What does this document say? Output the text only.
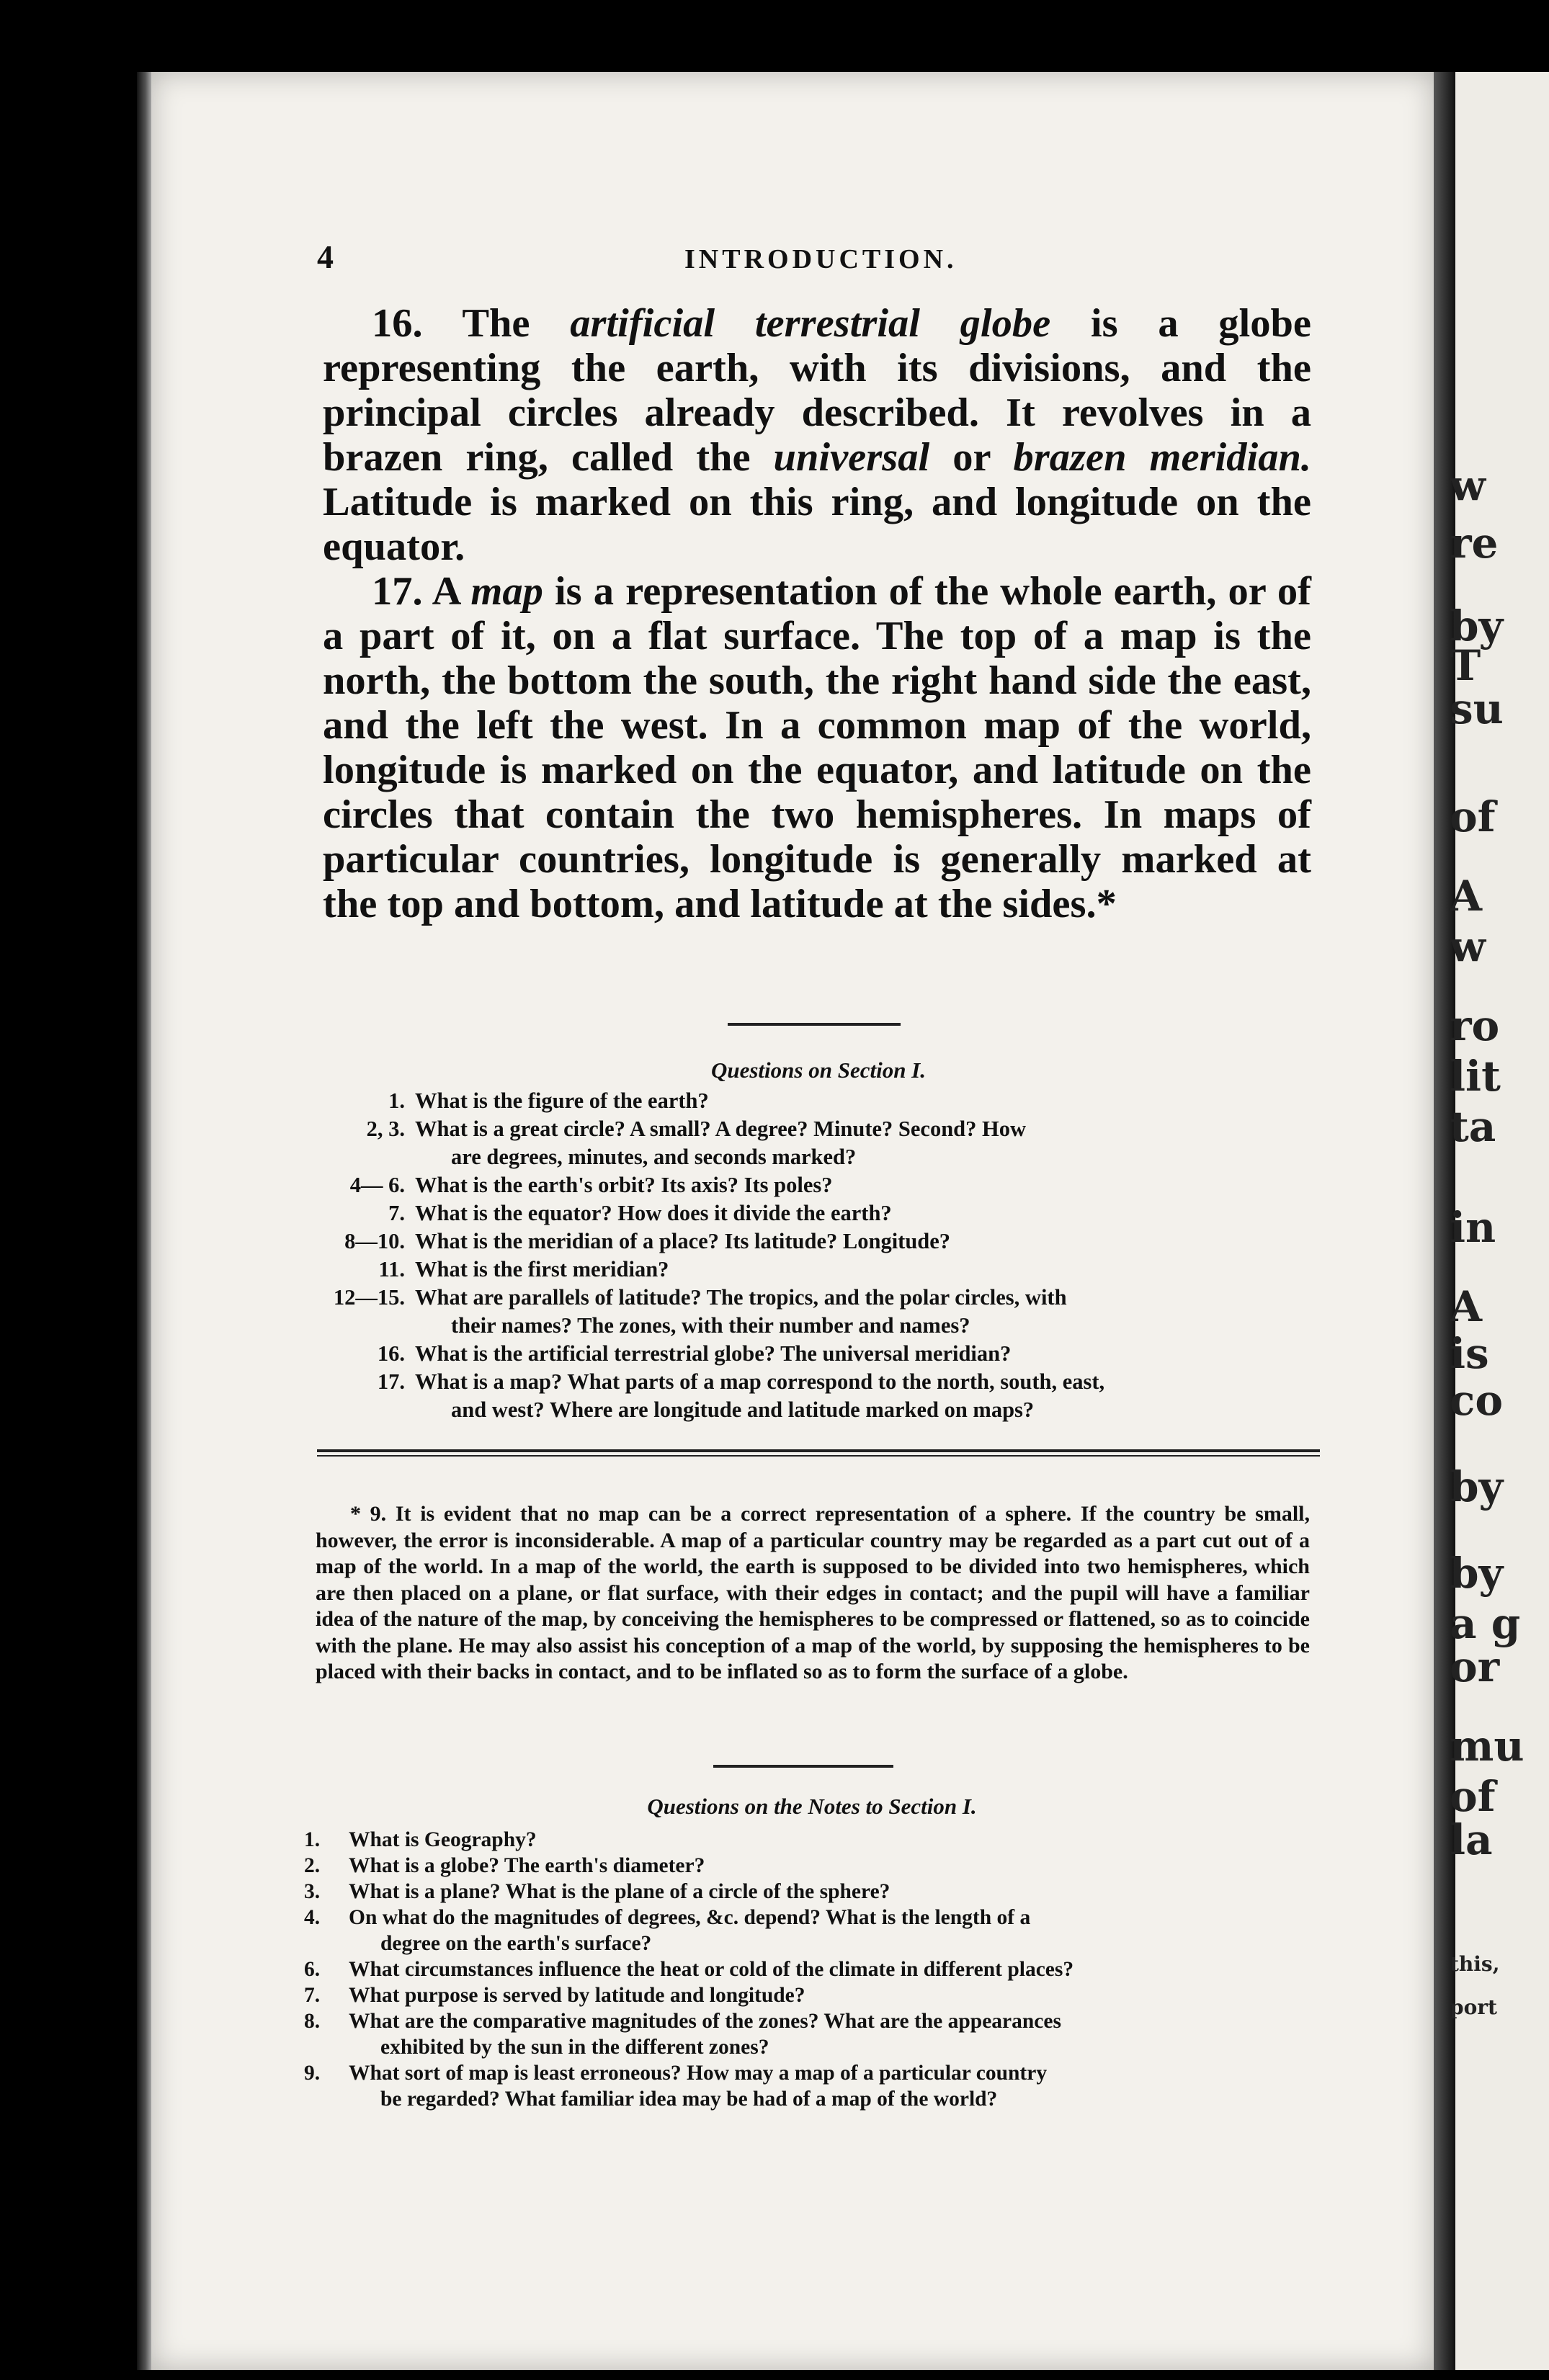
w
re
by
T
su
of
A
w
ro
lit
ta
in
A
is
co
by
by
a g
or
mu
of
la
this,
port
4	INTRODUCTION.

16. The artificial terrestrial globe is a globe representing the earth, with its divisions, and the principal circles already described. It revolves in a brazen ring, called the universal or brazen meridian. Latitude is marked on this ring, and longitude on the equator.

17. A map is a representation of the whole earth, or of a part of it, on a flat surface. The top of a map is the north, the bottom the south, the right hand side the east, and the left the west. In a common map of the world, longitude is marked on the equator, and latitude on the circles that contain the two hemispheres. In maps of particular countries, longitude is generally marked at the top and bottom, and latitude at the sides.*

Questions on Section I.
1. What is the figure of the earth?
2, 3. What is a great circle? A small? A degree? Minute? Second? How
are degrees, minutes, and seconds marked?
4— 6. What is the earth's orbit? Its axis? Its poles?
7. What is the equator? How does it divide the earth?
8—10. What is the meridian of a place? Its latitude? Longitude?
11. What is the first meridian?
12—15. What are parallels of latitude? The tropics, and the polar circles, with
their names? The zones, with their number and names?
16. What is the artificial terrestrial globe? The universal meridian?
17. What is a map? What parts of a map correspond to the north, south, east,
and west? Where are longitude and latitude marked on maps?

* 9. It is evident that no map can be a correct representation of a sphere. If the country be small, however, the error is inconsiderable. A map of a particular country may be regarded as a part cut out of a map of the world. In a map of the world, the earth is supposed to be divided into two hemispheres, which are then placed on a plane, or flat surface, with their edges in contact; and the pupil will have a familiar idea of the nature of the map, by conceiving the hemispheres to be compressed or flattened, so as to coincide with the plane. He may also assist his conception of a map of the world, by supposing the hemispheres to be placed with their backs in contact, and to be inflated so as to form the surface of a globe.

Questions on the Notes to Section I.
1.	What is Geography?
2.	What is a globe? The earth's diameter?
3.	What is a plane? What is the plane of a circle of the sphere?
4.	On what do the magnitudes of degrees, &c. depend? What is the length of a
degree on the earth's surface?
6.	What circumstances influence the heat or cold of the climate in different places?
7.	What purpose is served by latitude and longitude?
8.	What are the comparative magnitudes of the zones? What are the appearances
exhibited by the sun in the different zones?
9.	What sort of map is least erroneous? How may a map of a particular country
be regarded? What familiar idea may be had of a map of the world?
